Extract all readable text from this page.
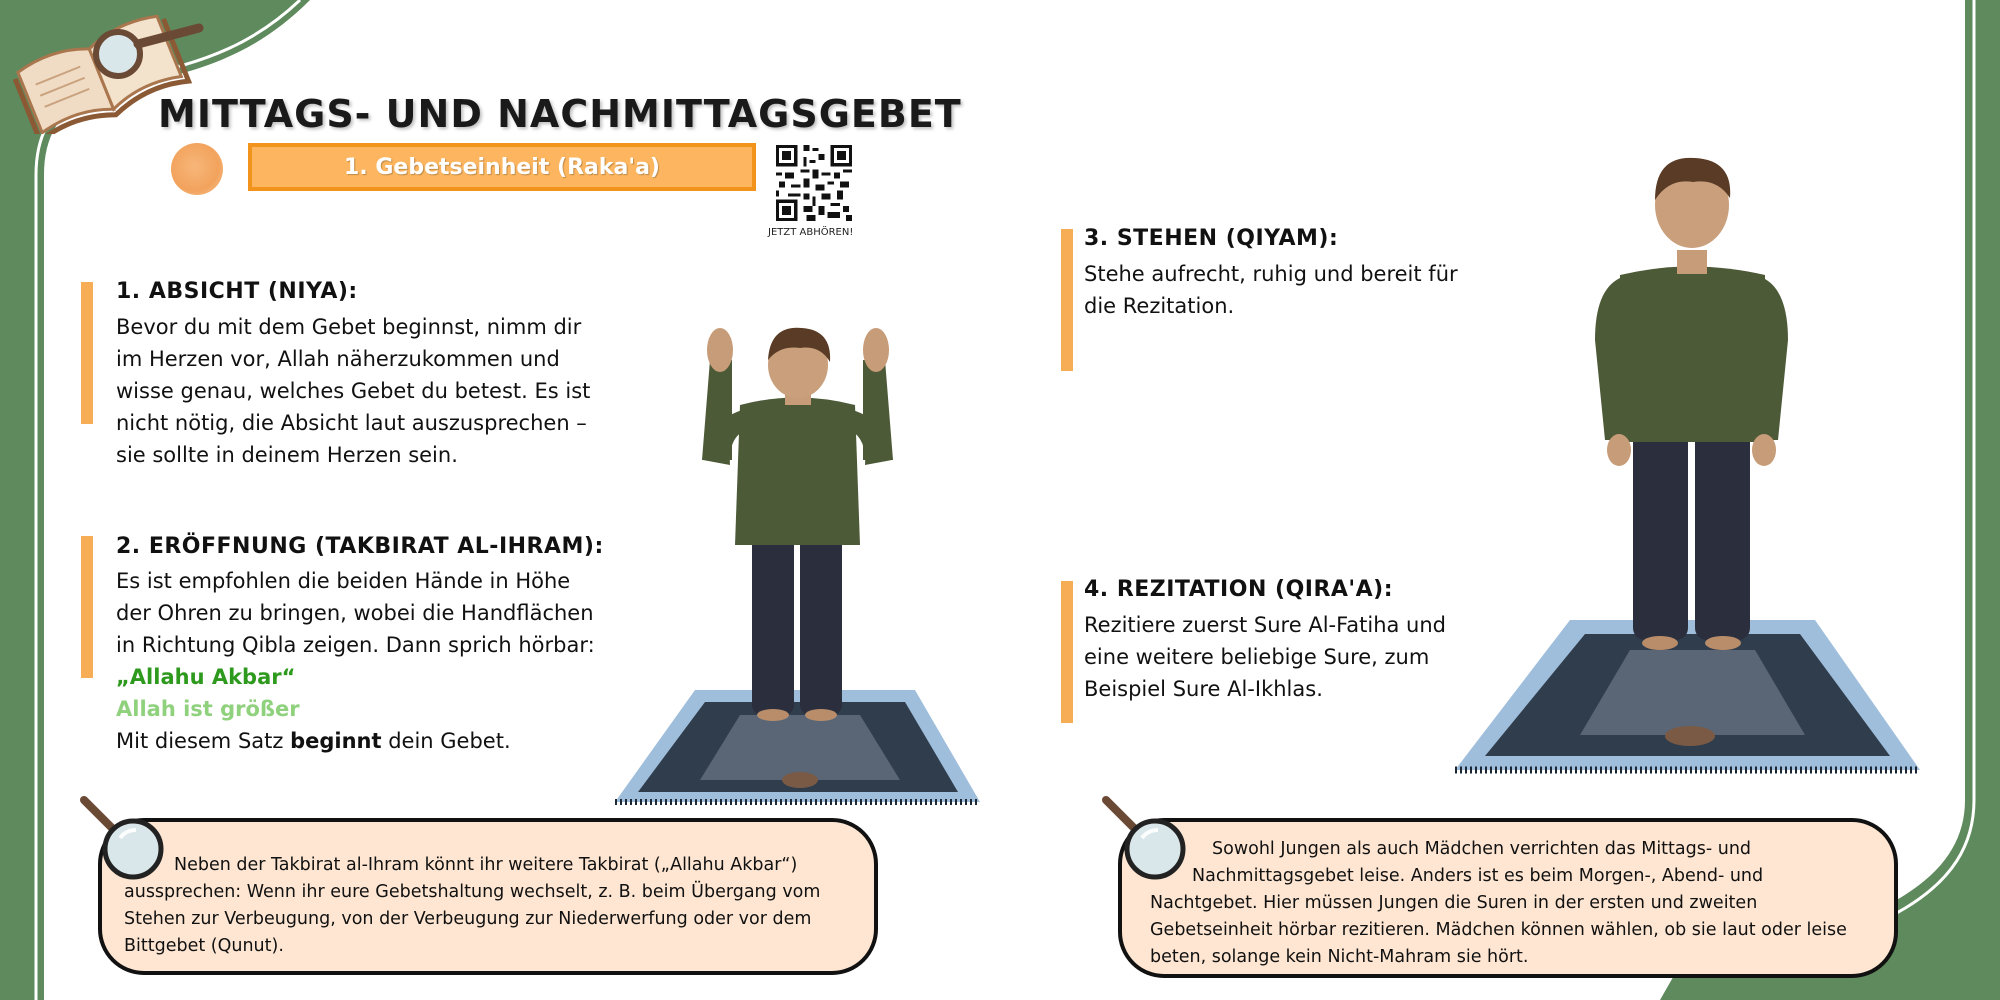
MITTAGS- UND NACHMITTAGSGEBET
1. Gebetseinheit (Raka'a)
JETZT ABHÖREN!
1. ABSICHT (NIYA):
Bevor du mit dem Gebet beginnst, nimm dir
im Herzen vor, Allah näherzukommen und
wisse genau, welches Gebet du betest. Es ist
nicht nötig, die Absicht laut auszusprechen –
sie sollte in deinem Herzen sein.
2. ERÖFFNUNG (TAKBIRAT AL-IHRAM):
Es ist empfohlen die beiden Hände in Höhe
der Ohren zu bringen, wobei die Handflächen
in Richtung Qibla zeigen. Dann sprich hörbar:
„Allahu Akbar“
Allah ist größer
Mit diesem Satz beginnt dein Gebet.
3. STEHEN (QIYAM):
Stehe aufrecht, ruhig und bereit für
die Rezitation.
4. REZITATION (QIRA'A):
Rezitiere zuerst Sure Al-Fatiha und
eine weitere beliebige Sure, zum
Beispiel Sure Al-Ikhlas.
Neben der Takbirat al-Ihram könnt ihr weitere Takbirat („Allahu Akbar“)
aussprechen: Wenn ihr eure Gebetshaltung wechselt, z. B. beim Übergang vom
Stehen zur Verbeugung, von der Verbeugung zur Niederwerfung oder vor dem
Bittgebet (Qunut).
Sowohl Jungen als auch Mädchen verrichten das Mittags- und
Nachmittagsgebet leise. Anders ist es beim Morgen-, Abend- und
Nachtgebet. Hier müssen Jungen die Suren in der ersten und zweiten
Gebetseinheit hörbar rezitieren. Mädchen können wählen, ob sie laut oder leise
beten, solange kein Nicht-Mahram sie hört.
